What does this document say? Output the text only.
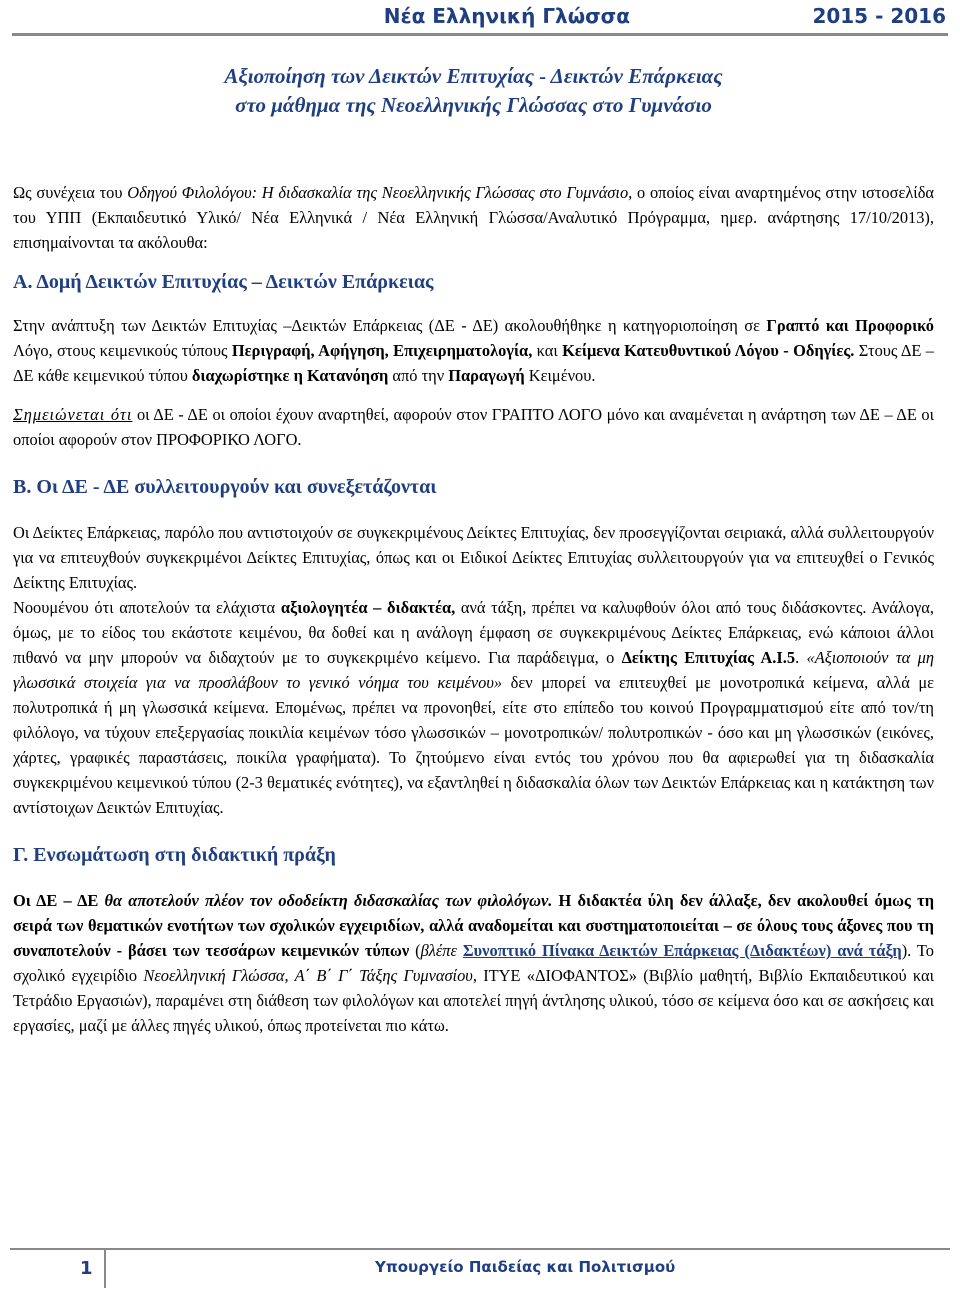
Νέα Ελληνική Γλώσσα	2015 - 2016
Αξιοποίηση των Δεικτών Επιτυχίας - Δεικτών Επάρκειας
στο μάθημα της Νεοελληνικής Γλώσσας στο Γυμνάσιο

Ως συνέχεια του Οδηγού Φιλολόγου: Η διδασκαλία της Νεοελληνικής Γλώσσας στο Γυμνάσιο, ο οποίος είναι αναρτημένος στην ιστοσελίδα του ΥΠΠ (Εκπαιδευτικό Υλικό/ Νέα Ελληνικά / Νέα Ελληνική Γλώσσα/Αναλυτικό Πρόγραμμα, ημερ. ανάρτησης 17/10/2013), επισημαίνονται τα ακόλουθα:

Α. Δομή Δεικτών Επιτυχίας – Δεικτών Επάρκειας

Στην ανάπτυξη των Δεικτών Επιτυχίας –Δεικτών Επάρκειας (ΔΕ - ΔΕ) ακολουθήθηκε η κατηγοριοποίηση σε Γραπτό και Προφορικό Λόγο, στους κειμενικούς τύπους Περιγραφή, Αφήγηση, Επιχειρηματολογία, και Κείμενα Κατευθυντικού Λόγου - Οδηγίες. Στους ΔΕ –ΔΕ κάθε κειμενικού τύπου διαχωρίστηκε η Κατανόηση από την Παραγωγή Κειμένου.

Σημειώνεται ότι οι ΔΕ - ΔΕ οι οποίοι έχουν αναρτηθεί, αφορούν στον ΓΡΑΠΤΟ ΛΟΓΟ μόνο και αναμένεται η ανάρτηση των ΔΕ – ΔΕ οι οποίοι αφορούν στον ΠΡΟΦΟΡΙΚΟ ΛΟΓΟ.

Β. Οι ΔΕ - ΔΕ συλλειτουργούν και συνεξετάζονται

Οι Δείκτες Επάρκειας, παρόλο που αντιστοιχούν σε συγκεκριμένους Δείκτες Επιτυχίας, δεν προσεγγίζονται σειριακά, αλλά συλλειτουργούν για να επιτευχθούν συγκεκριμένοι Δείκτες Επιτυχίας, όπως και οι Ειδικοί Δείκτες Επιτυχίας συλλειτουργούν για να επιτευχθεί ο Γενικός Δείκτης Επιτυχίας.

Νοουμένου ότι αποτελούν τα ελάχιστα αξιολογητέα – διδακτέα, ανά τάξη, πρέπει να καλυφθούν όλοι από τους διδάσκοντες. Ανάλογα, όμως, με το είδος του εκάστοτε κειμένου, θα δοθεί και η ανάλογη έμφαση σε συγκεκριμένους Δείκτες Επάρκειας, ενώ κάποιοι άλλοι πιθανό να μην μπορούν να διδαχτούν με το συγκεκριμένο κείμενο. Για παράδειγμα, ο Δείκτης Επιτυχίας Α.Ι.5. «Αξιοποιούν τα μη γλωσσικά στοιχεία για να προσλάβουν το γενικό νόημα του κειμένου» δεν μπορεί να επιτευχθεί με μονοτροπικά κείμενα, αλλά με πολυτροπικά ή μη γλωσσικά κείμενα. Επομένως, πρέπει να προνοηθεί, είτε στο επίπεδο του κοινού Προγραμματισμού είτε από τον/τη φιλόλογο, να τύχουν επεξεργασίας ποικιλία κειμένων τόσο γλωσσικών – μονοτροπικών/ πολυτροπικών - όσο και μη γλωσσικών (εικόνες, χάρτες, γραφικές παραστάσεις, ποικίλα γραφήματα). Το ζητούμενο είναι εντός του χρόνου που θα αφιερωθεί για τη διδασκαλία συγκεκριμένου κειμενικού τύπου (2-3 θεματικές ενότητες), να εξαντληθεί η διδασκαλία όλων των Δεικτών Επάρκειας και η κατάκτηση των αντίστοιχων Δεικτών Επιτυχίας.

Γ. Ενσωμάτωση στη διδακτική πράξη

Οι ΔΕ – ΔΕ θα αποτελούν πλέον τον οδοδείκτη διδασκαλίας των φιλολόγων. Η διδακτέα ύλη δεν άλλαξε, δεν ακολουθεί όμως τη σειρά των θεματικών ενοτήτων των σχολικών εγχειριδίων, αλλά αναδομείται και συστηματοποιείται – σε όλους τους άξονες που τη συναποτελούν - βάσει των τεσσάρων κειμενικών τύπων (βλέπε Συνοπτικό Πίνακα Δεικτών Επάρκειας (Διδακτέων) ανά τάξη). Το σχολικό εγχειρίδιο Νεοελληνική Γλώσσα, Α΄ Β΄ Γ΄ Τάξης Γυμνασίου, ΙΤΥΕ «ΔΙΟΦΑΝΤΟΣ» (Βιβλίο μαθητή, Βιβλίο Εκπαιδευτικού και Τετράδιο Εργασιών), παραμένει στη διάθεση των φιλολόγων και αποτελεί πηγή άντλησης υλικού, τόσο σε κείμενα όσο και σε ασκήσεις και εργασίες, μαζί με άλλες πηγές υλικού, όπως προτείνεται πιο κάτω.

1	Υπουργείο Παιδείας και Πολιτισμού
